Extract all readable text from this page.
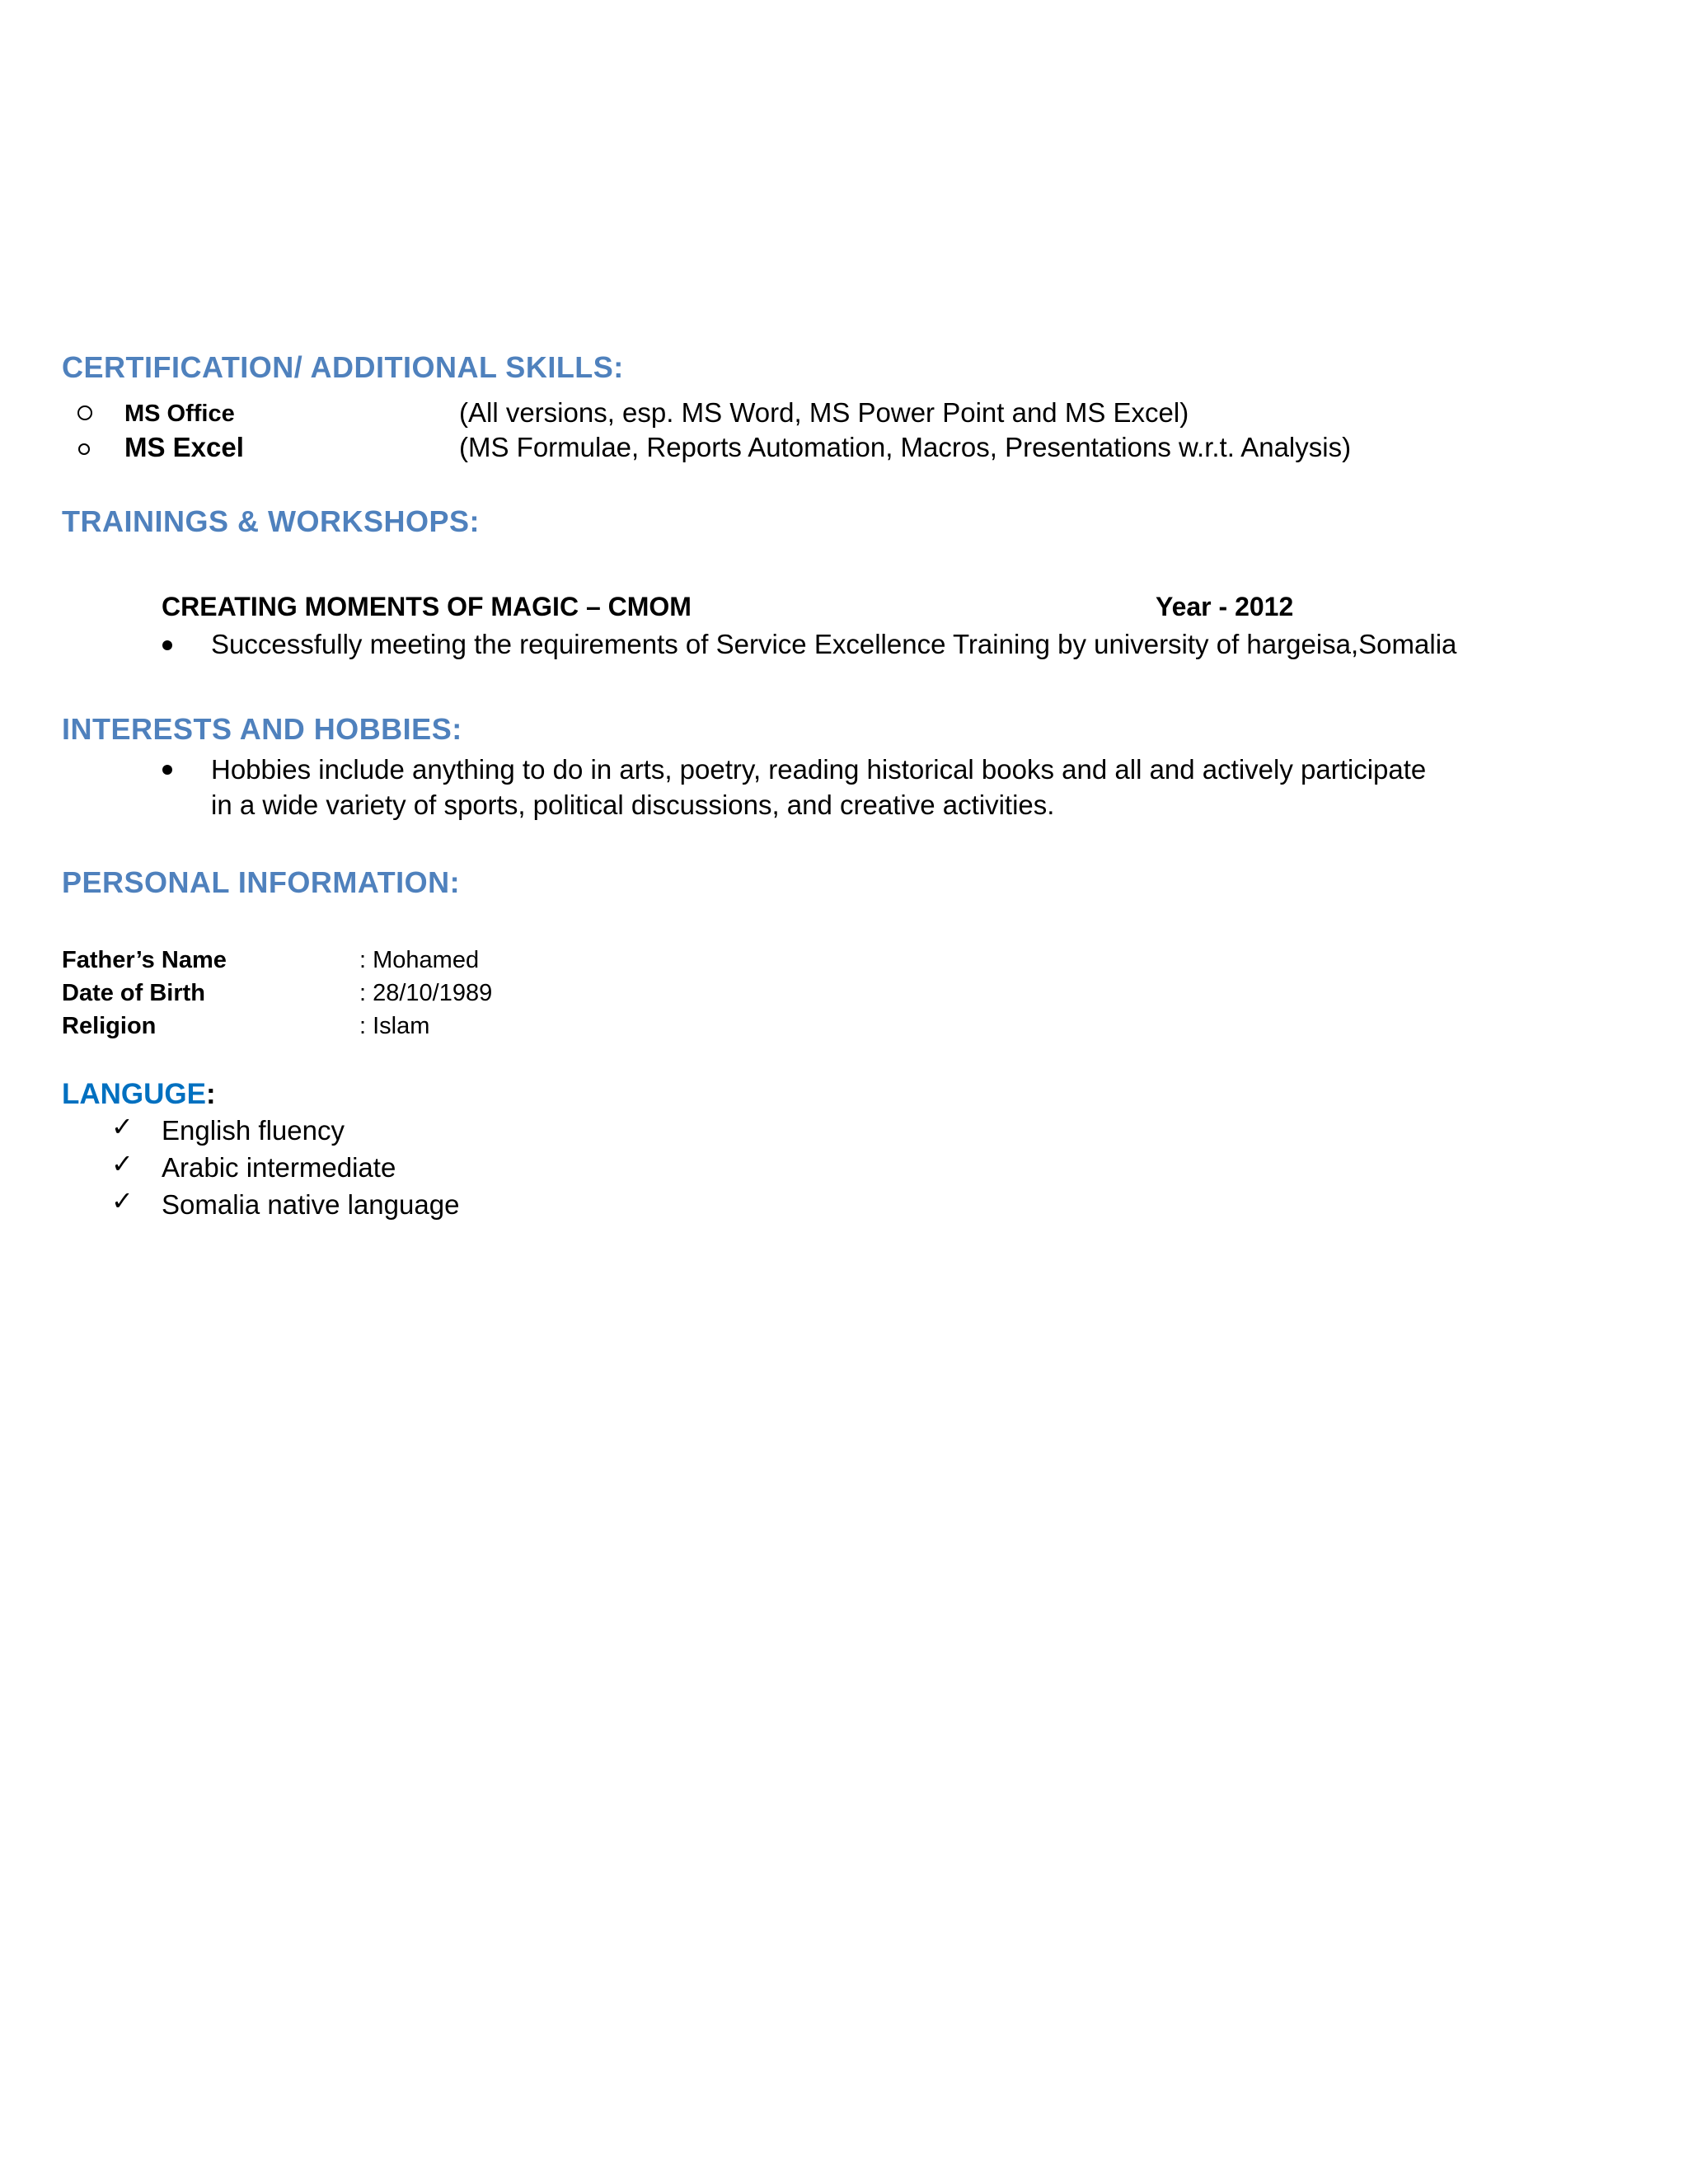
CERTIFICATION/ ADDITIONAL SKILLS:
MS Office	(All versions, esp. MS Word, MS Power Point and MS Excel)
MS Excel	(MS Formulae, Reports Automation, Macros, Presentations w.r.t. Analysis)
TRAININGS & WORKSHOPS:
CREATING MOMENTS OF MAGIC – CMOM	Year - 2012
Successfully meeting the requirements of Service Excellence Training by university of hargeisa,Somalia
INTERESTS AND HOBBIES:
Hobbies include anything to do in arts, poetry, reading historical books and all and actively participate
in a wide variety of sports, political discussions, and creative activities.
PERSONAL INFORMATION:
Father’s Name	: Mohamed
Date of Birth	: 28/10/1989
Religion	: Islam
LANGUGE:
✓ English fluency
✓ Arabic intermediate
✓ Somalia native language
